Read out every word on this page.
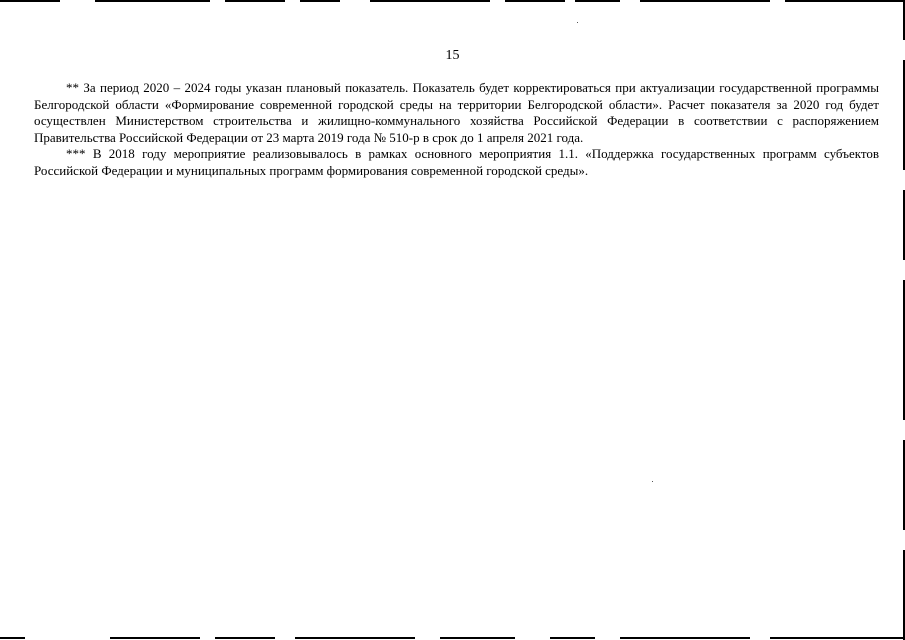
15

** За период 2020 – 2024 годы указан плановый показатель. Показатель будет корректироваться при актуализации государственной программы Белгородской области «Формирование современной городской среды на территории Белгородской области». Расчет показателя за 2020 год будет осуществлен Министерством строительства и жилищно-коммунального хозяйства Российской Федерации в соответствии с распоряжением Правительства Российской Федерации от 23 марта 2019 года № 510-р в срок до 1 апреля 2021 года.

*** В 2018 году мероприятие реализовывалось в рамках основного мероприятия 1.1. «Поддержка государственных программ субъектов Российской Федерации и муниципальных программ формирования современной городской среды».
